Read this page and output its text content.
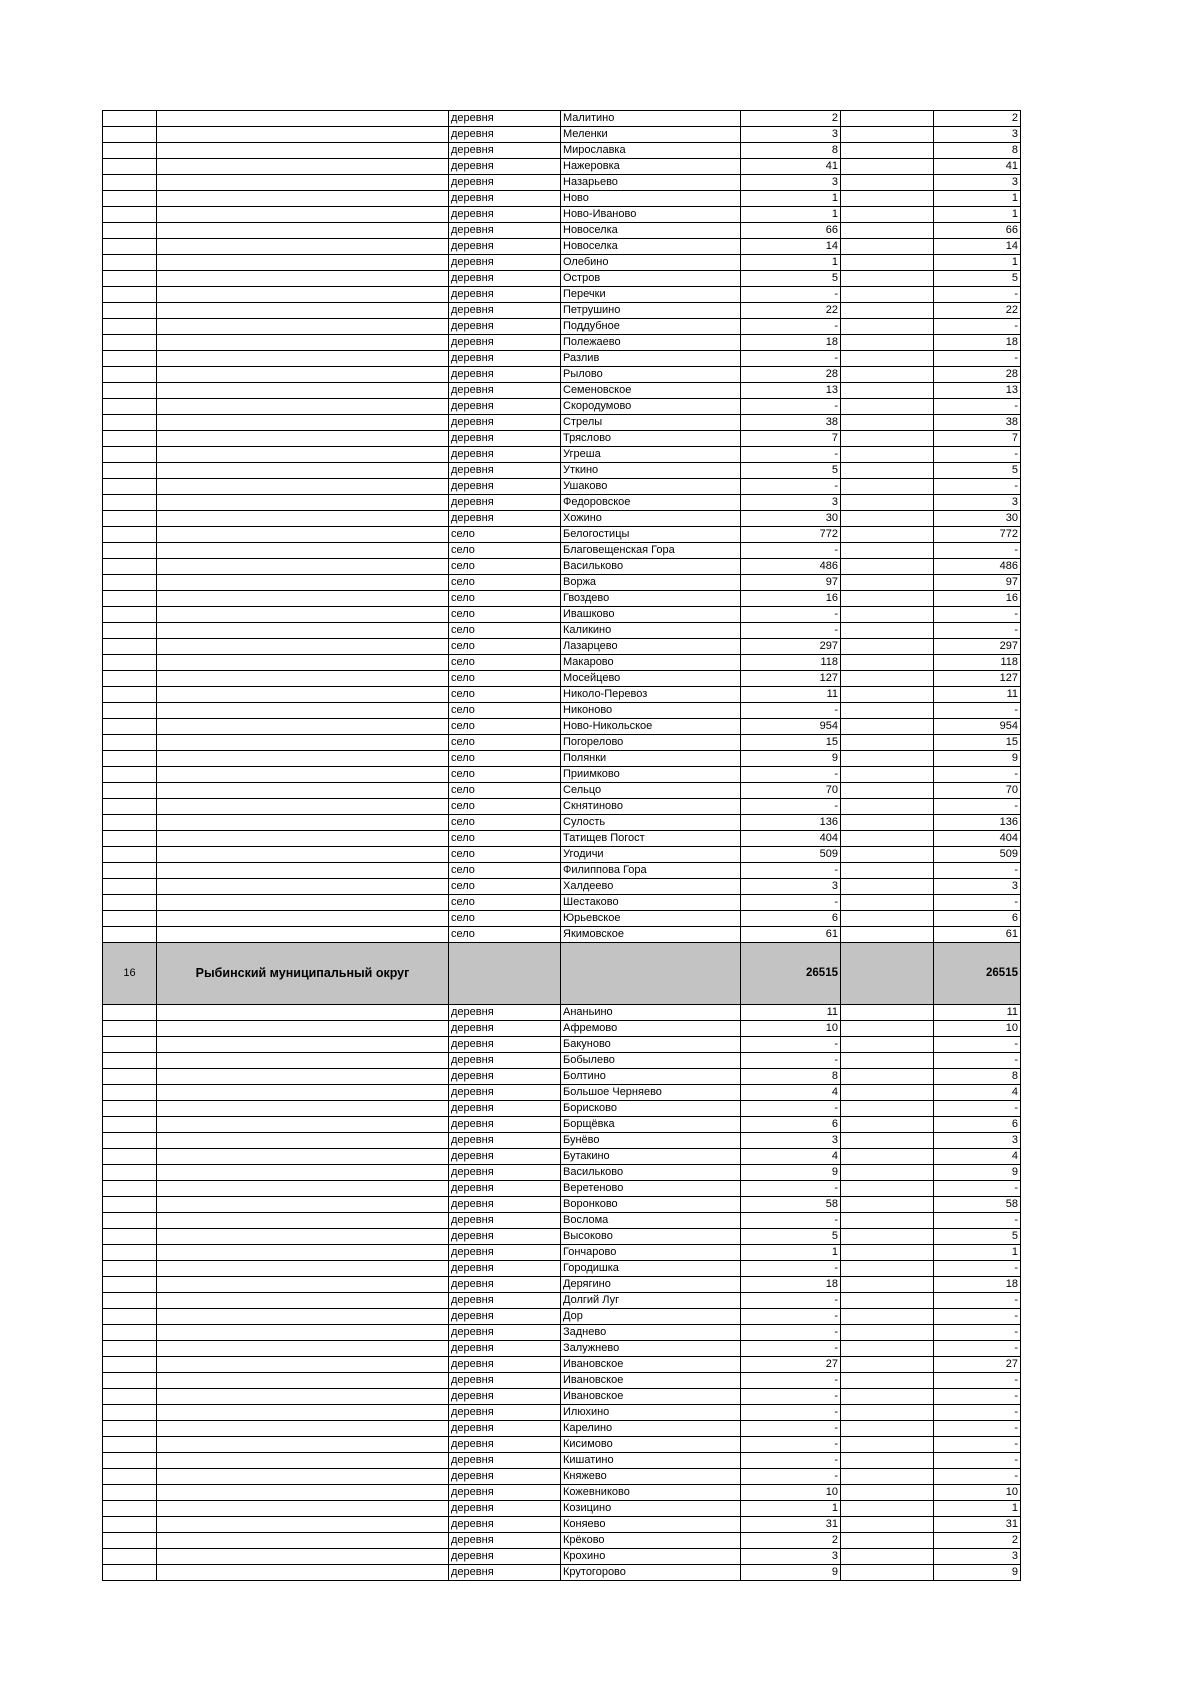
		деревня	Малитино	2		2
		деревня	Меленки	3		3
		деревня	Мирославка	8		8
		деревня	Нажеровка	41		41
		деревня	Назарьево	3		3
		деревня	Ново	1		1
		деревня	Ново-Иваново	1		1
		деревня	Новоселка	66		66
		деревня	Новоселка	14		14
		деревня	Олебино	1		1
		деревня	Остров	5		5
		деревня	Перечки	-		-
		деревня	Петрушино	22		22
		деревня	Поддубное	-		-
		деревня	Полежаево	18		18
		деревня	Разлив	-		-
		деревня	Рылово	28		28
		деревня	Семеновское	13		13
		деревня	Скородумово	-		-
		деревня	Стрелы	38		38
		деревня	Тряслово	7		7
		деревня	Угреша	-		-
		деревня	Уткино	5		5
		деревня	Ушаково	-		-
		деревня	Федоровское	3		3
		деревня	Хожино	30		30
		село	Белогостицы	772		772
		село	Благовещенская Гора	-		-
		село	Васильково	486		486
		село	Воржа	97		97
		село	Гвоздево	16		16
		село	Ивашково	-		-
		село	Каликино	-		-
		село	Лазарцево	297		297
		село	Макарово	118		118
		село	Мосейцево	127		127
		село	Николо-Перевоз	11		11
		село	Никоново	-		-
		село	Ново-Никольское	954		954
		село	Погорелово	15		15
		село	Полянки	9		9
		село	Приимково	-		-
		село	Сельцо	70		70
		село	Скнятиново	-		-
		село	Сулость	136		136
		село	Татищев Погост	404		404
		село	Угодичи	509		509
		село	Филиппова Гора	-		-
		село	Халдеево	3		3
		село	Шестаково	-		-
		село	Юрьевское	6		6
		село	Якимовское	61		61
16	Рыбинский муниципальный округ			26515		26515
		деревня	Ананьино	11		11
		деревня	Афремово	10		10
		деревня	Бакуново	-		-
		деревня	Бобылево	-		-
		деревня	Болтино	8		8
		деревня	Большое Черняево	4		4
		деревня	Борисково	-		-
		деревня	Борщёвка	6		6
		деревня	Бунёво	3		3
		деревня	Бутакино	4		4
		деревня	Васильково	9		9
		деревня	Веретеново	-		-
		деревня	Воронково	58		58
		деревня	Вослома	-		-
		деревня	Высоково	5		5
		деревня	Гончарово	1		1
		деревня	Городишка	-		-
		деревня	Дерягино	18		18
		деревня	Долгий Луг	-		-
		деревня	Дор	-		-
		деревня	Заднево	-		-
		деревня	Залужнево	-		-
		деревня	Ивановское	27		27
		деревня	Ивановское	-		-
		деревня	Ивановское	-		-
		деревня	Илюхино	-		-
		деревня	Карелино	-		-
		деревня	Кисимово	-		-
		деревня	Кишатино	-		-
		деревня	Княжево	-		-
		деревня	Кожевниково	10		10
		деревня	Козицино	1		1
		деревня	Коняево	31		31
		деревня	Крёково	2		2
		деревня	Крохино	3		3
		деревня	Крутогорово	9		9
